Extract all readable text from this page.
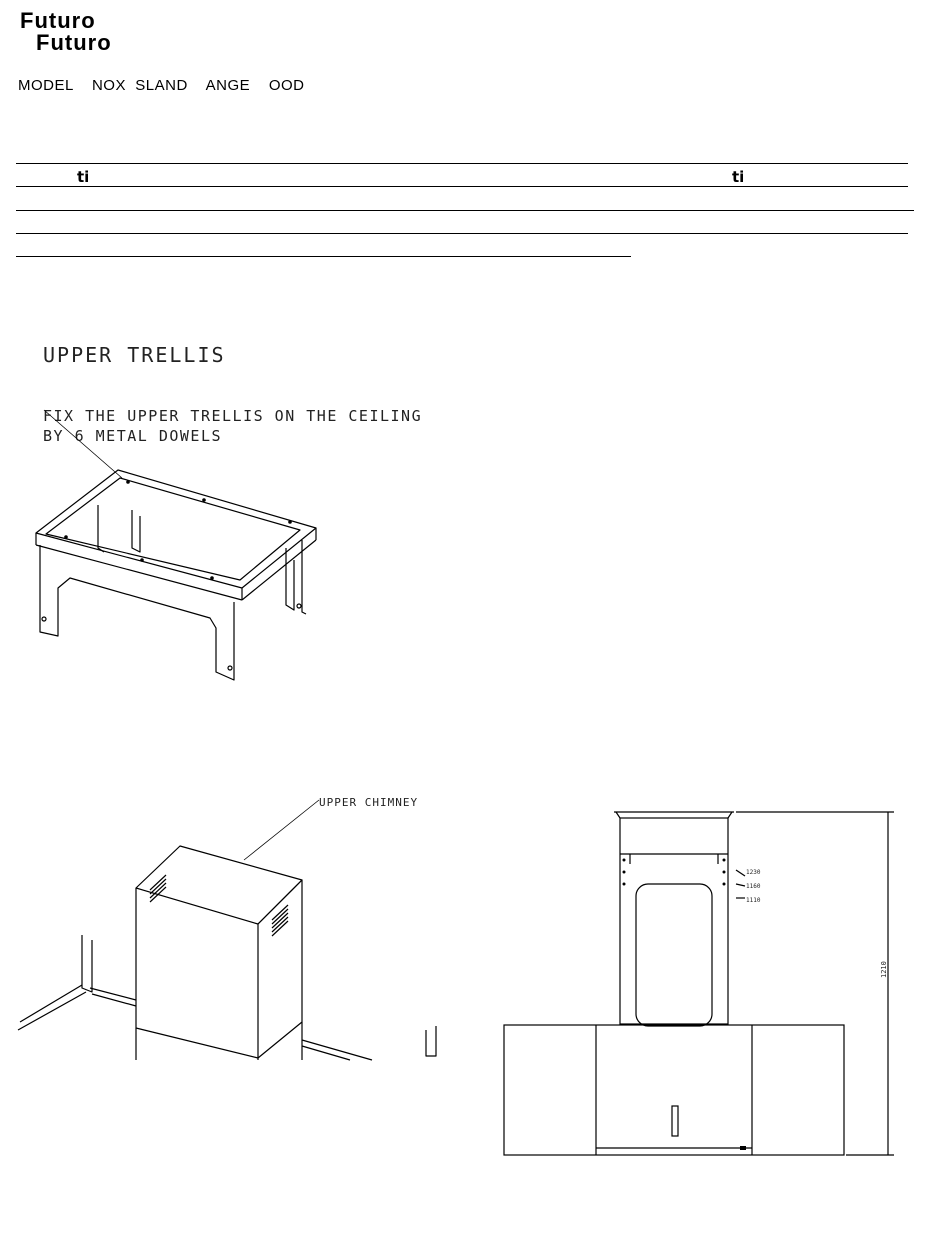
Futuro
Futuro
MODEL    NOX  SLAND    ANGE    OOD
ti	ti
UPPER TRELLIS
FIX THE UPPER TRELLIS ON THE CEILING
BY 6 METAL DOWELS
UPPER CHIMNEY
1230
1160
1110
1210
